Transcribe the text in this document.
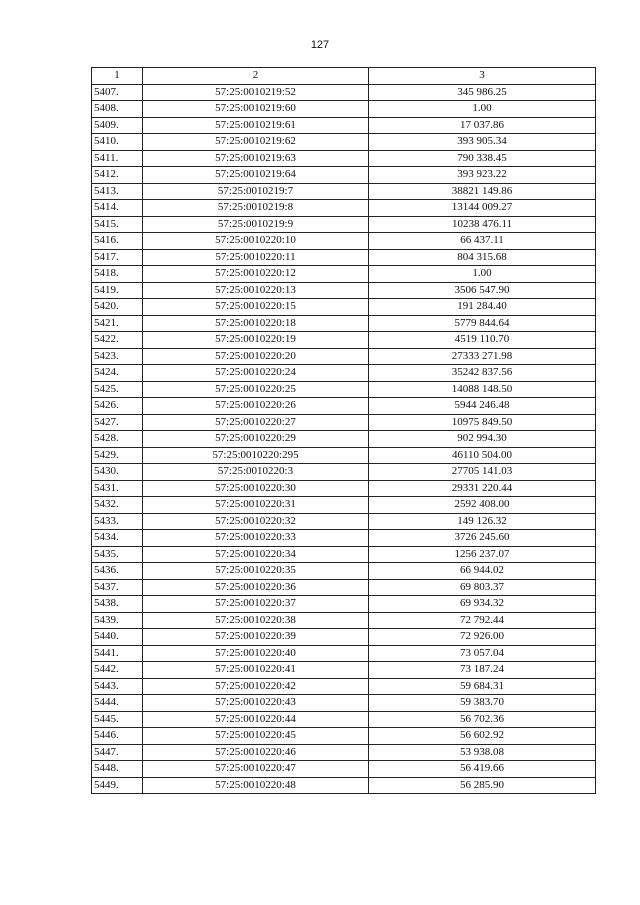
127
1	2	3
5407.	57:25:0010219:52	345 986.25
5408.	57:25:0010219:60	1.00
5409.	57:25:0010219:61	17 037.86
5410.	57:25:0010219:62	393 905.34
5411.	57:25:0010219:63	790 338.45
5412.	57:25:0010219:64	393 923.22
5413.	57:25:0010219:7	38821 149.86
5414.	57:25:0010219:8	13144 009.27
5415.	57:25:0010219:9	10238 476.11
5416.	57:25:0010220:10	66 437.11
5417.	57:25:0010220:11	804 315.68
5418.	57:25:0010220:12	1.00
5419.	57:25:0010220:13	3506 547.90
5420.	57:25:0010220:15	191 284.40
5421.	57:25:0010220:18	5779 844.64
5422.	57:25:0010220:19	4519 110.70
5423.	57:25:0010220:20	27333 271.98
5424.	57:25:0010220:24	35242 837.56
5425.	57:25:0010220:25	14088 148.50
5426.	57:25:0010220:26	5944 246.48
5427.	57:25:0010220:27	10975 849.50
5428.	57:25:0010220:29	902 994.30
5429.	57:25:0010220:295	46110 504.00
5430.	57:25:0010220:3	27705 141.03
5431.	57:25:0010220:30	29331 220.44
5432.	57:25:0010220:31	2592 408.00
5433.	57:25:0010220:32	149 126.32
5434.	57:25:0010220:33	3726 245.60
5435.	57:25:0010220:34	1256 237.07
5436.	57:25:0010220:35	66 944.02
5437.	57:25:0010220:36	69 803.37
5438.	57:25:0010220:37	69 934.32
5439.	57:25:0010220:38	72 792.44
5440.	57:25:0010220:39	72 926.00
5441.	57:25:0010220:40	73 057.04
5442.	57:25:0010220:41	73 187.24
5443.	57:25:0010220:42	59 684.31
5444.	57:25:0010220:43	59 383.70
5445.	57:25:0010220:44	56 702.36
5446.	57:25:0010220:45	56 602.92
5447.	57:25:0010220:46	53 938.08
5448.	57:25:0010220:47	56 419.66
5449.	57:25:0010220:48	56 285.90
